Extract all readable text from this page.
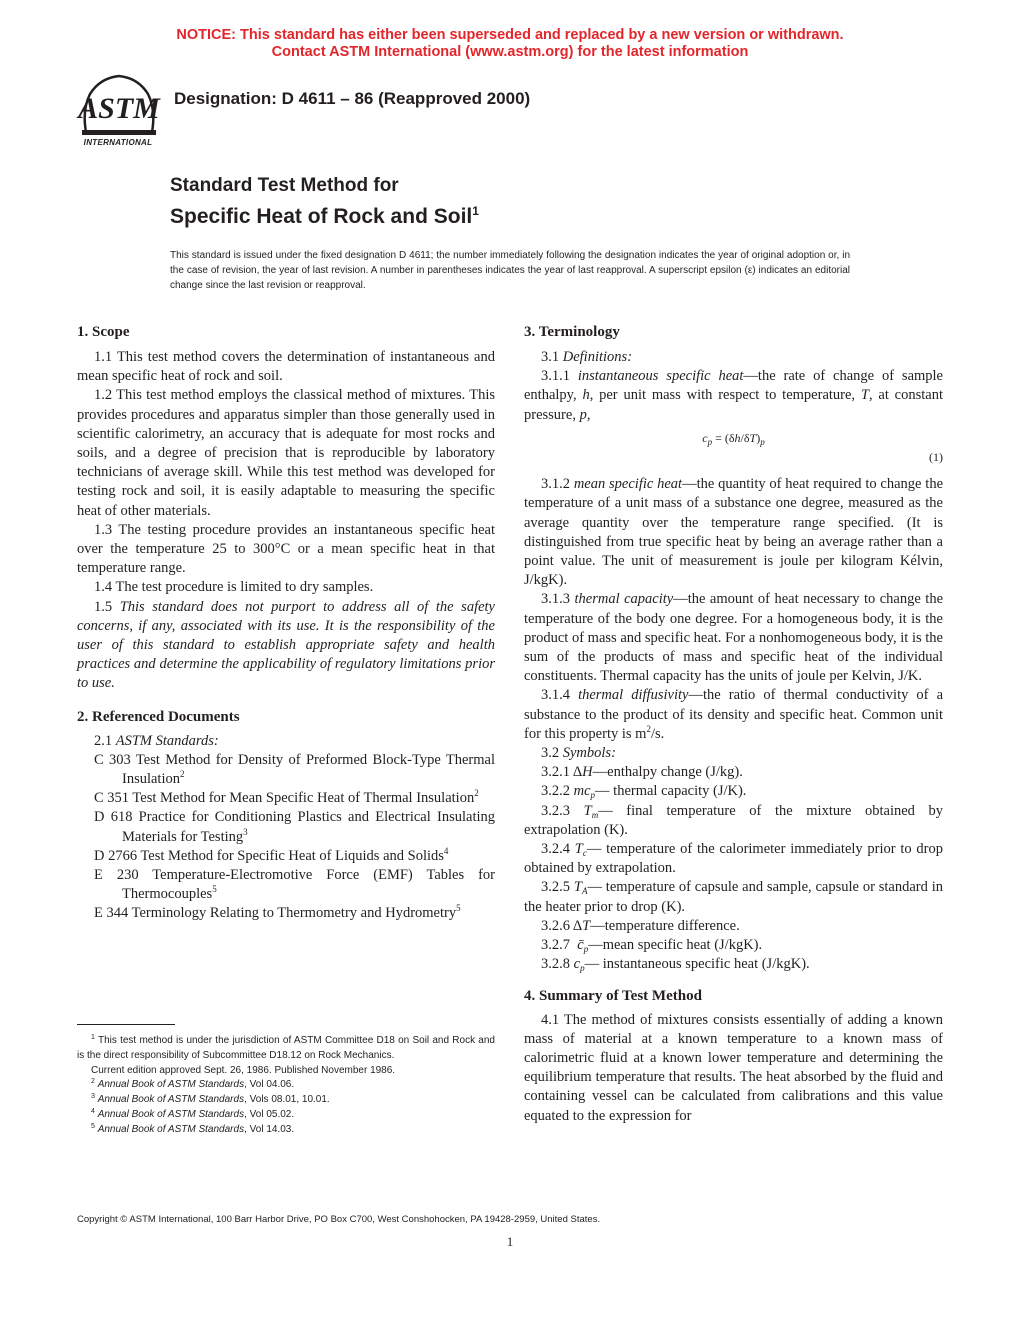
NOTICE: This standard has either been superseded and replaced by a new version or withdrawn.
Contact ASTM International (www.astm.org) for the latest information
ASTM
INTERNATIONAL
Designation: D 4611 – 86 (Reapproved 2000)
Standard Test Method for
Specific Heat of Rock and Soil$^1$
This standard is issued under the fixed designation D 4611; the number immediately following the designation indicates the year of original adoption or, in the case of revision, the year of last revision. A number in parentheses indicates the year of last reapproval. A superscript epsilon (ε) indicates an editorial change since the last revision or reapproval.
1. Scope

1.1 This test method covers the determination of instantaneous and mean specific heat of rock and soil.

1.2 This test method employs the classical method of mixtures. This provides procedures and apparatus simpler than those generally used in scientific calorimetry, an accuracy that is adequate for most rocks and soils, and a degree of precision that is reproducible by laboratory technicians of average skill. While this test method was developed for testing rock and soil, it is easily adaptable to measuring the specific heat of other materials.

1.3 The testing procedure provides an instantaneous specific heat over the temperature 25 to 300°C or a mean specific heat in that temperature range.

1.4 The test procedure is limited to dry samples.

1.5 This standard does not purport to address all of the safety concerns, if any, associated with its use. It is the responsibility of the user of this standard to establish appropriate safety and health practices and determine the applicability of regulatory limitations prior to use.

2. Referenced Documents

2.1 ASTM Standards:

C 303 Test Method for Density of Preformed Block-Type Thermal Insulation$^2$

C 351 Test Method for Mean Specific Heat of Thermal Insulation$^2$

D 618 Practice for Conditioning Plastics and Electrical Insulating Materials for Testing$^3$

D 2766 Test Method for Specific Heat of Liquids and Solids$^4$

E 230 Temperature-Electromotive Force (EMF) Tables for Thermocouples$^5$

E 344 Terminology Relating to Thermometry and Hydrometry$^5$

$^1$ This test method is under the jurisdiction of ASTM Committee D18 on Soil and Rock and is the direct responsibility of Subcommittee D18.12 on Rock Mechanics.

Current edition approved Sept. 26, 1986. Published November 1986.

$^2$ Annual Book of ASTM Standards, Vol 04.06.

$^3$ Annual Book of ASTM Standards, Vols 08.01, 10.01.

$^4$ Annual Book of ASTM Standards, Vol 05.02.

$^5$ Annual Book of ASTM Standards, Vol 14.03.

3. Terminology

3.1 Definitions:

3.1.1 instantaneous specific heat—the rate of change of sample enthalpy, h, per unit mass with respect to temperature, T, at constant pressure, p,

$c_p = (\delta h/\delta T)_p$

(1)

3.1.2 mean specific heat—the quantity of heat required to change the temperature of a unit mass of a substance one degree, measured as the average quantity over the temperature range specified. (It is distinguished from true specific heat by being an average rather than a point value. The unit of measurement is joule per kilogram Kélvin, J/kgK).

3.1.3 thermal capacity—the amount of heat necessary to change the temperature of the body one degree. For a homogeneous body, it is the product of mass and specific heat. For a nonhomogeneous body, it is the sum of the products of mass and specific heat of the individual constituents. Thermal capacity has the units of joule per Kelvin, J/K.

3.1.4 thermal diffusivity—the ratio of thermal conductivity of a substance to the product of its density and specific heat. Common unit for this property is $m^2/s$.

3.2 Symbols:

3.2.1 ΔH—enthalpy change (J/kg).

3.2.2 $mc_p—$ thermal capacity (J/K).

3.2.3 $T_m—$ final temperature of the mixture obtained by extrapolation (K).

3.2.4 $T_c—$ temperature of the calorimeter immediately prior to drop obtained by extrapolation.

3.2.5 $T_A—$ temperature of capsule and sample, capsule or standard in the heater prior to drop (K).

3.2.6 ΔT—temperature difference.

3.2.7 $c̄_p—mean$ specific heat (J/kgK).

3.2.8 $c_p—$ instantaneous specific heat (J/kgK).

4. Summary of Test Method

4.1 The method of mixtures consists essentially of adding a known mass of material at a known temperature to a known mass of calorimetric fluid at a known lower temperature and determining the equilibrium temperature that results. The heat absorbed by the fluid and containing vessel can be calculated from calibrations and this value equated to the expression for

Copyright © ASTM International, 100 Barr Harbor Drive, PO Box C700, West Conshohocken, PA 19428-2959, United States.
1
